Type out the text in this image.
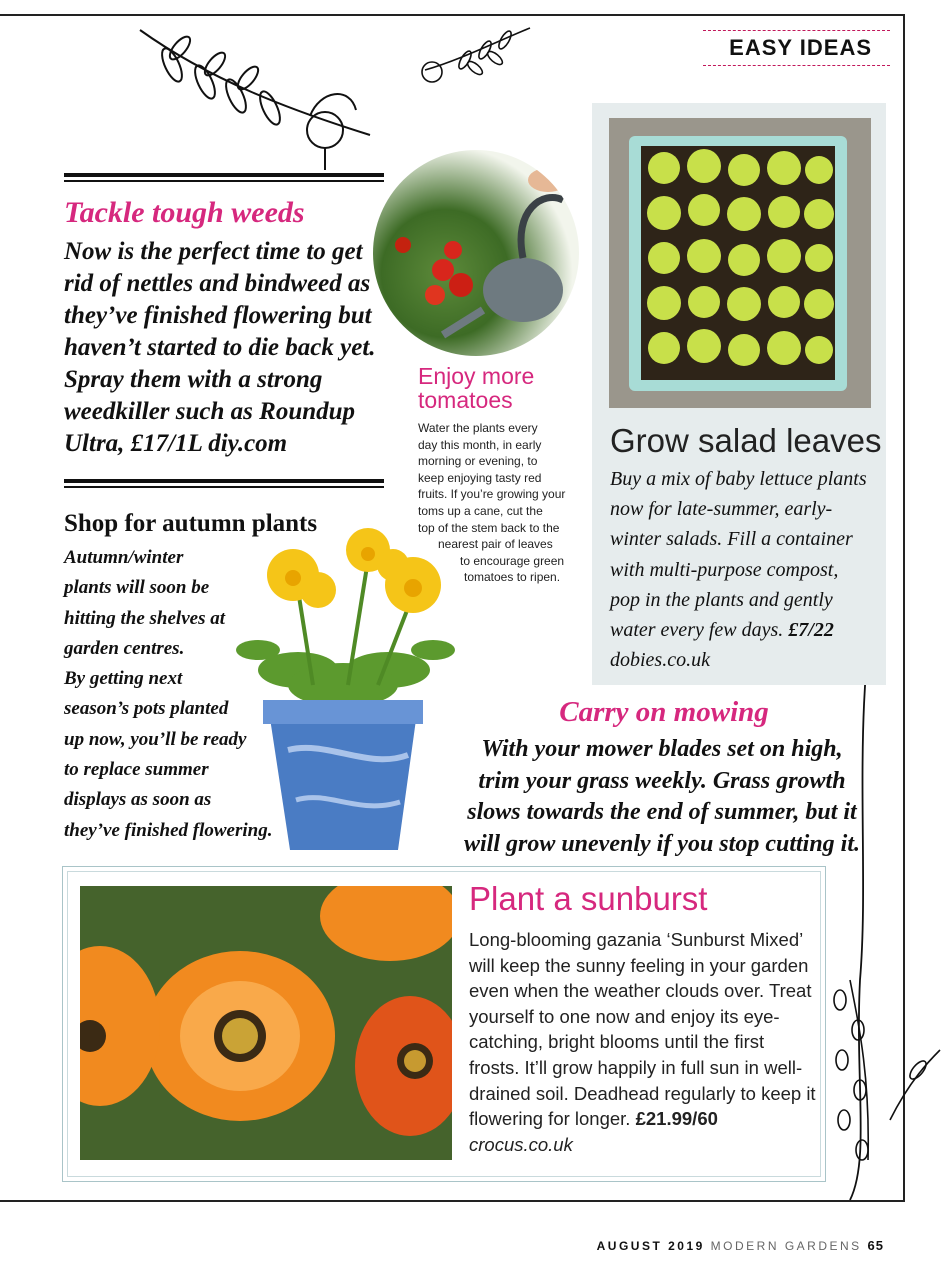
EASY IDEAS
Tackle tough weeds
Now is the perfect time to get rid of nettles and bindweed as they’ve finished flowering but haven’t started to die back yet. Spray them with a strong weedkiller such as Roundup Ultra, £17/1L diy.com
Enjoy more
tomatoes
Water the plants every
day this month, in early
morning or evening, to
keep enjoying tasty red
fruits. If you’re growing your
toms up a cane, cut the
top of the stem back to the
nearest pair of leaves
to encourage green
tomatoes to ripen.
Grow salad leaves
Buy a mix of baby lettuce plants now for late-summer, early-winter salads. Fill a container with multi-purpose compost, pop in the plants and gently water every few days. £7/22 dobies.co.uk
Shop for autumn plants
Autumn/winter
plants will soon be
hitting the shelves at
garden centres.
By getting next
season’s pots planted
up now, you’ll be ready
to replace summer
displays as soon as
they’ve finished flowering.
Carry on mowing
With your mower blades set on high, trim your grass weekly. Grass growth slows towards the end of summer, but it will grow unevenly if you stop cutting it.
Plant a sunburst
Long-blooming gazania ‘Sunburst Mixed’ will keep the sunny feeling in your garden even when the weather clouds over. Treat yourself to one now and enjoy its eye-catching, bright blooms until the first frosts. It’ll grow happily in full sun in well-drained soil. Deadhead regularly to keep it flowering for longer. £21.99/60 crocus.co.uk
AUGUST 2019 MODERN GARDENS 65
